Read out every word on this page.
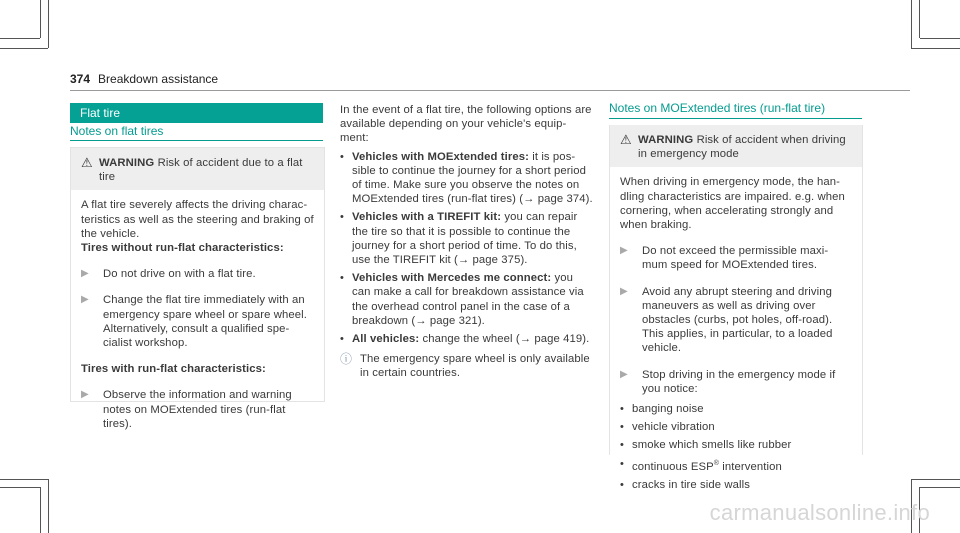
374 Breakdown assistance
Flat tire
Notes on flat tires
⚠ WARNING Risk of accident due to a flat tire

A flat tire severely affects the driving charac-teristics as well as the steering and braking of the vehicle.

Tires without run-flat characteristics:

▶	Do not drive on with a flat tire.
▶	Change the flat tire immediately with an emergency spare wheel or spare wheel. Alternatively, consult a qualified spe-cialist workshop.

Tires with run-flat characteristics:

▶	Observe the information and warning notes on MOExtended tires (run-flat tires).

In the event of a flat tire, the following options are available depending on your vehicle's equip-ment:

• Vehicles with MOExtended tires: it is pos-sible to continue the journey for a short period of time. Make sure you observe the notes on MOExtended tires (run-flat tires) (→ page 374).
• Vehicles with a TIREFIT kit: you can repair the tire so that it is possible to continue the journey for a short period of time. To do this, use the TIREFIT kit (→ page 375).
• Vehicles with Mercedes me connect: you can make a call for breakdown assistance via the overhead control panel in the case of a breakdown (→ page 321).
• All vehicles: change the wheel (→ page 419).
ⓘ The emergency spare wheel is only available in certain countries.
Notes on MOExtended tires (run-flat tire)
⚠ WARNING Risk of accident when driving in emergency mode

When driving in emergency mode, the han-dling characteristics are impaired. e.g. when cornering, when accelerating strongly and when braking.

▶	Do not exceed the permissible maxi-mum speed for MOExtended tires.
▶	Avoid any abrupt steering and driving maneuvers as well as driving over obstacles (curbs, pot holes, off-road). This applies, in particular, to a loaded vehicle.
▶	Stop driving in the emergency mode if you notice:
• banging noise
• vehicle vibration
• smoke which smells like rubber
• continuous ESP® intervention
• cracks in tire side walls
carmanualsonline.info
